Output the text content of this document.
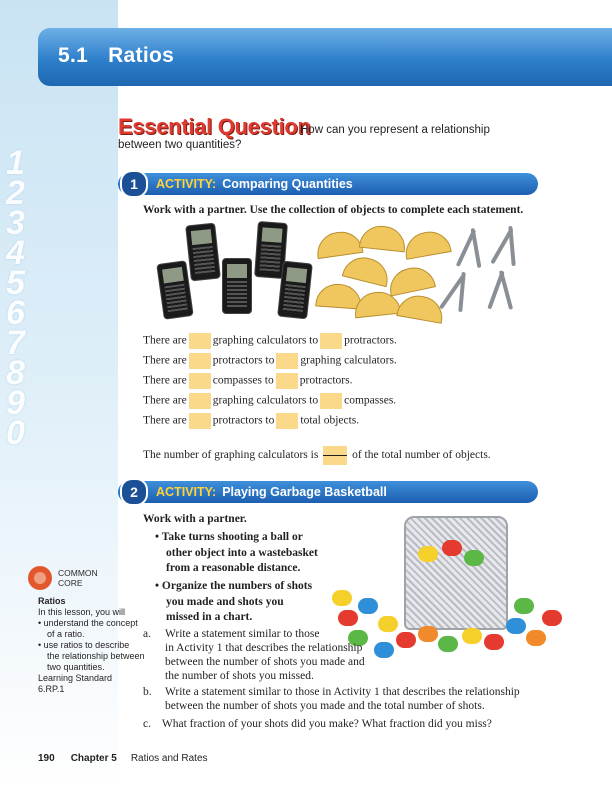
1
2
3
4
5
6
7
8
9
0
5.1 Ratios
Essential Question
How can you represent a relationship
between two quantities?
1	ACTIVITY: Comparing Quantities
Work with a partner. Use the collection of objects to complete each statement.
There are graphing calculators to protractors.
There are protractors to graphing calculators.
There are compasses to protractors.
There are graphing calculators to compasses.
There are protractors to total objects.
The number of graphing calculators is	of the total number of objects.
2	ACTIVITY: Playing Garbage Basketball
Work with a partner.
• Take turns shooting a ball or
other object into a wastebasket
from a reasonable distance.
• Organize the numbers of shots
you made and shots you
missed in a chart.
a. Write a statement similar to those
in Activity 1 that describes the relationship
between the number of shots you made and
the number of shots you missed.
b. Write a statement similar to those in Activity 1 that describes the relationship
between the number of shots you made and the total number of shots.
c. What fraction of your shots did you make? What fraction did you miss?
COMMON
CORE
Ratios
In this lesson, you will
• understand the concept
of a ratio.
• use ratios to describe
the relationship between
two quantities.
Learning Standard
6.RP.1
190 Chapter 5 Ratios and Rates
